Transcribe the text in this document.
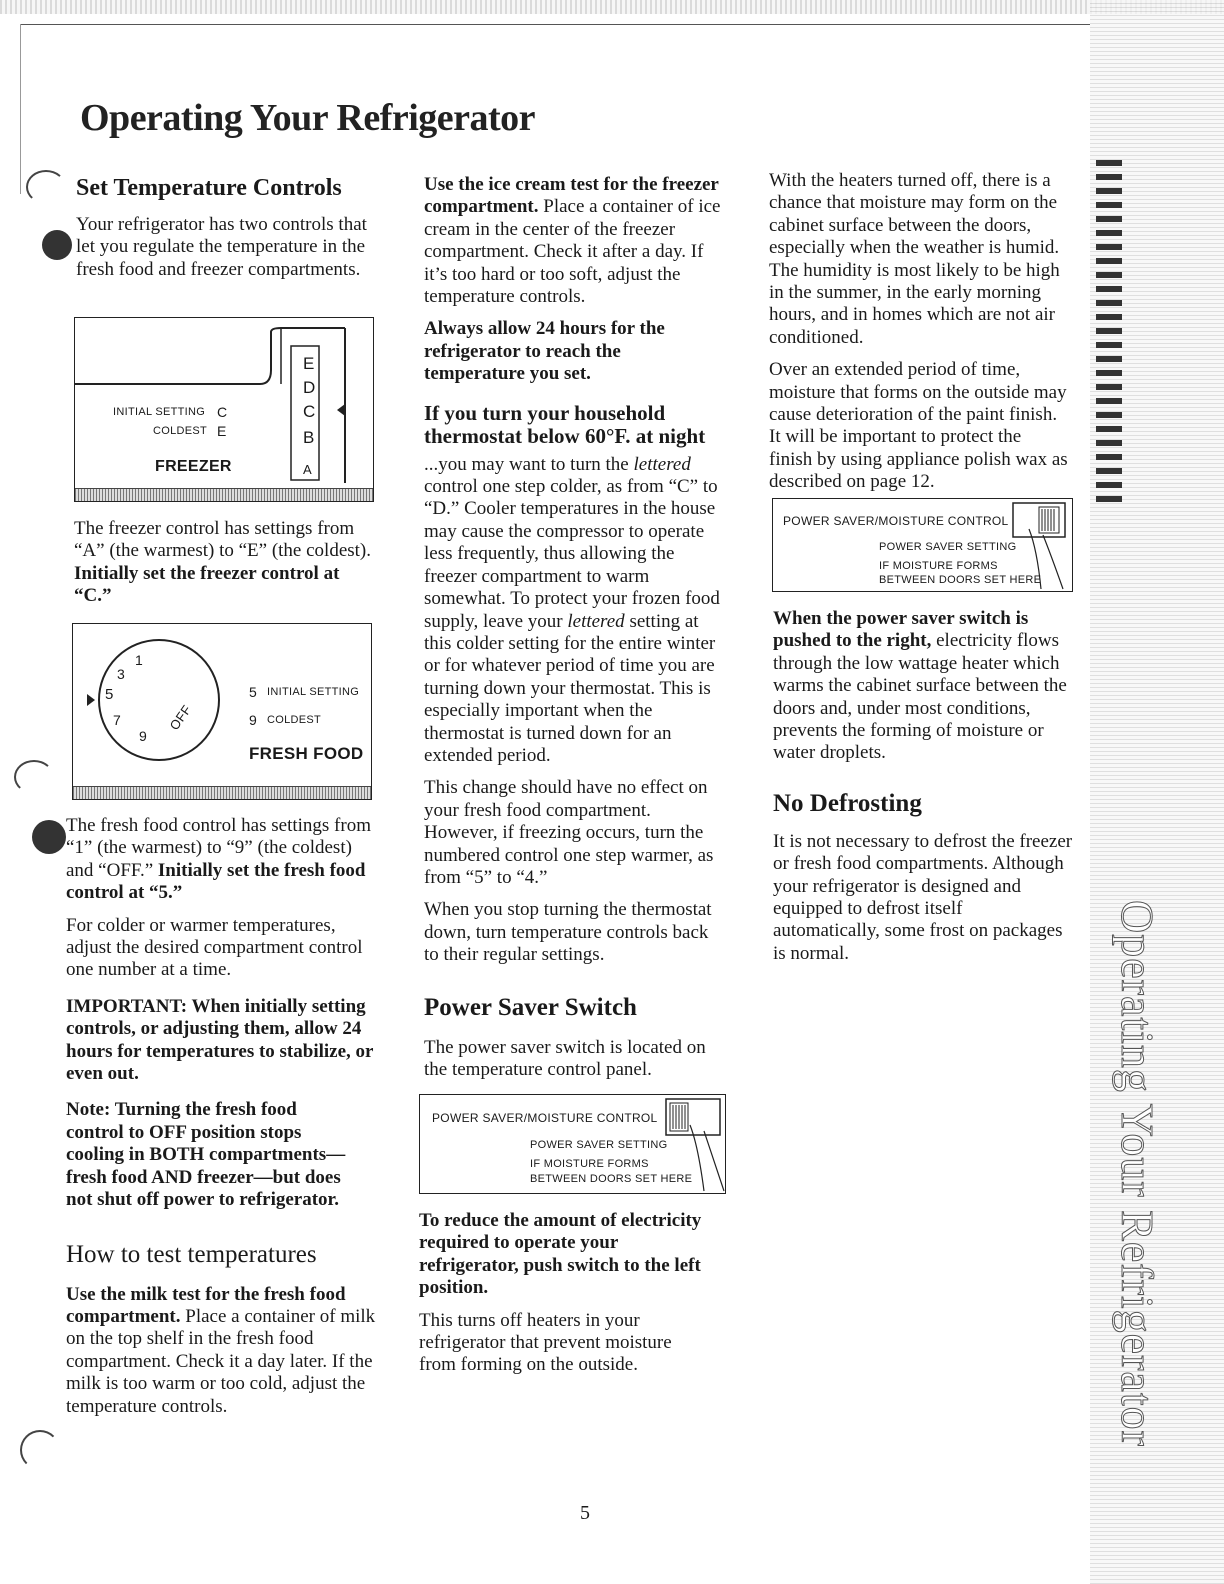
Operating Your Refrigerator
Operating Your Refrigerator
Set Temperature Controls

Your refrigerator has two controls that let you regulate the temperature in the fresh food and freezer compartments.

E
D
C
B
A
INITIAL SETTING C
COLDEST E
FREEZER

The freezer control has settings from “A” (the warmest) to “E” (the coldest). Initially set the freezer control at “C.”

1
3
5
7
9
OFF
5 INITIAL SETTING
9 COLDEST
FRESH FOOD

The fresh food control has settings from “1” (the warmest) to “9” (the coldest) and “OFF.” Initially set the fresh food control at “5.”

For colder or warmer temperatures, adjust the desired compartment control one number at a time.

IMPORTANT: When initially setting controls, or adjusting them, allow 24 hours for temperatures to stabilize, or even out.

Note: Turning the fresh food control to OFF position stops cooling in BOTH compartments—fresh food AND freezer—but does not shut off power to refrigerator.

How to test temperatures

Use the milk test for the fresh food compartment. Place a container of milk on the top shelf in the fresh food compartment. Check it a day later. If the milk is too warm or too cold, adjust the temperature controls.

Use the ice cream test for the freezer compartment. Place a container of ice cream in the center of the freezer compartment. Check it after a day. If it’s too hard or too soft, adjust the temperature controls.

Always allow 24 hours for the refrigerator to reach the temperature you set.

If you turn your household thermostat below 60°F. at night

...you may want to turn the lettered control one step colder, as from “C” to “D.” Cooler temperatures in the house may cause the compressor to operate less frequently, thus allowing the freezer compartment to warm somewhat. To protect your frozen food supply, leave your lettered setting at this colder setting for the entire winter or for whatever period of time you are turning down your thermostat. This is especially important when the thermostat is turned down for an extended period.

This change should have no effect on your fresh food compartment. However, if freezing occurs, turn the numbered control one step warmer, as from “5” to “4.”

When you stop turning the thermostat down, turn temperature controls back to their regular settings.

Power Saver Switch

The power saver switch is located on the temperature control panel.

POWER SAVER/MOISTURE CONTROL
POWER SAVER SETTING
IF MOISTURE FORMS
BETWEEN DOORS SET HERE

To reduce the amount of electricity required to operate your refrigerator, push switch to the left position.

This turns off heaters in your refrigerator that prevent moisture from forming on the outside.

With the heaters turned off, there is a chance that moisture may form on the cabinet surface between the doors, especially when the weather is humid. The humidity is most likely to be high in the summer, in the early morning hours, and in homes which are not air conditioned.

Over an extended period of time, moisture that forms on the outside may cause deterioration of the paint finish. It will be important to protect the finish by using appliance polish wax as described on page 12.

POWER SAVER/MOISTURE CONTROL
POWER SAVER SETTING
IF MOISTURE FORMS
BETWEEN DOORS SET HERE

When the power saver switch is pushed to the right, electricity flows through the low wattage heater which warms the cabinet surface between the doors and, under most conditions, prevents the forming of moisture or water droplets.

No Defrosting

It is not necessary to defrost the freezer or fresh food compartments. Although your refrigerator is designed and equipped to defrost itself automatically, some frost on packages is normal.

5
